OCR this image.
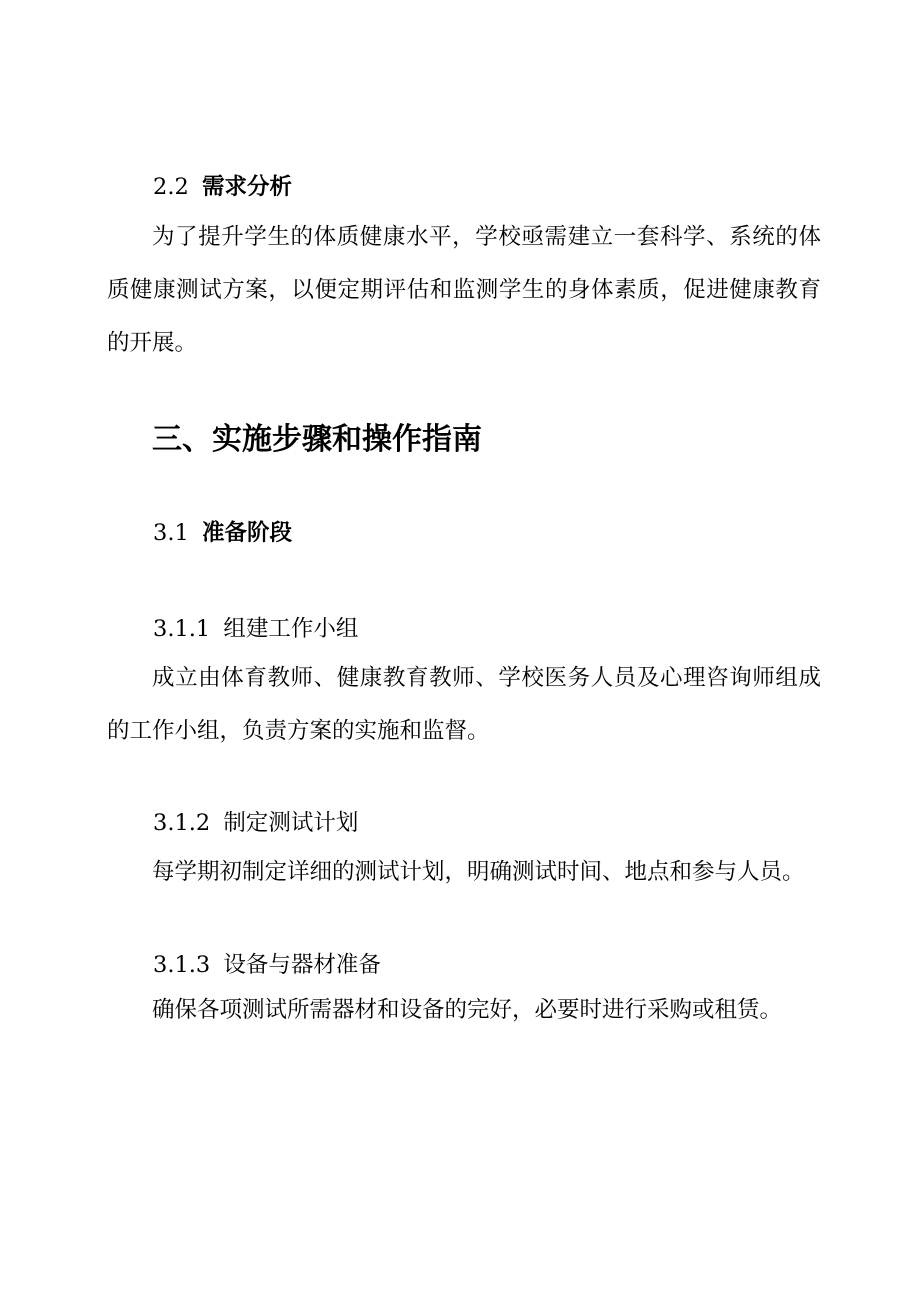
2.2 需求分析
为了提升学生的体质健康水平，学校亟需建立一套科学、系统的体质健康测试方案，以便定期评估和监测学生的身体素质，促进健康教育的开展。
三、实施步骤和操作指南
3.1 准备阶段
3.1.1 组建工作小组
成立由体育教师、健康教育教师、学校医务人员及心理咨询师组成的工作小组，负责方案的实施和监督。
3.1.2 制定测试计划
每学期初制定详细的测试计划，明确测试时间、地点和参与人员。
3.1.3 设备与器材准备
确保各项测试所需器材和设备的完好，必要时进行采购或租赁。
